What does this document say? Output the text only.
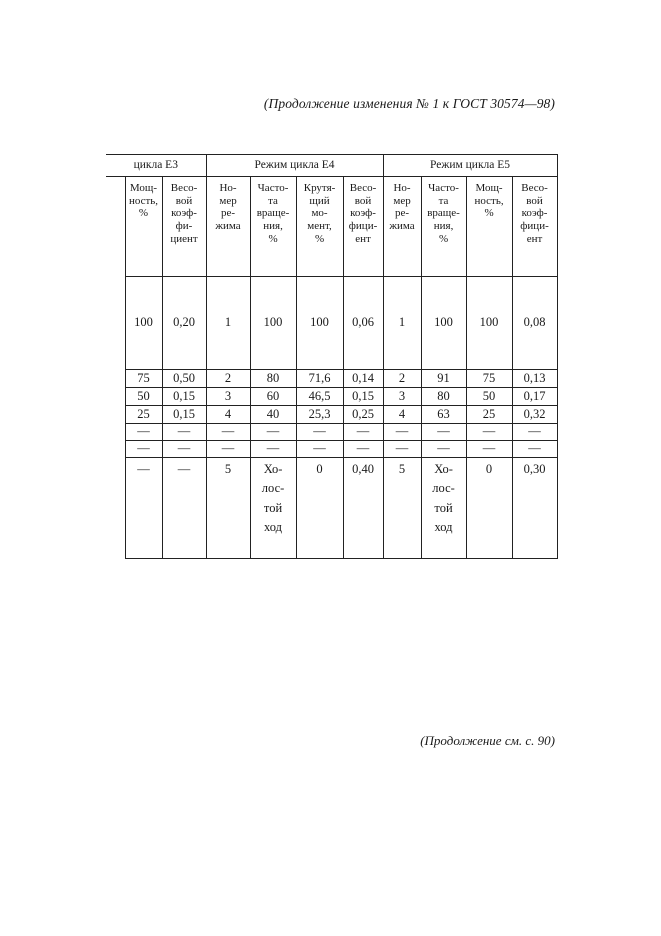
(Продолжение изменения № 1 к ГОСТ 30574—98)
цикла Е3			Режим цикла Е4				Режим цикла Е5			

	Мощ-
ность,
%	Весо-
вой
коэф-
фи-
циент	Но-
мер
ре-
жима	Часто-
та
враще-
ния,
%	Крутя-
щий
мо-
мент,
%	Весо-
вой
коэф-
фици-
ент	Но-
мер
ре-
жима	Часто-
та
враще-
ния,
%	Мощ-
ность,
%	Весо-
вой
коэф-
фици-
ент

	100	0,20	1	100	100	0,06	1	100	100	0,08
	75	0,50	2	80	71,6	0,14	2	91	75	0,13
	50	0,15	3	60	46,5	0,15	3	80	50	0,17
	25	0,15	4	40	25,3	0,25	4	63	25	0,32
	—	—	—	—	—	—	—	—	—	—
	—	—	—	—	—	—	—	—	—	—
	—	—	5	Хо-
лос-
той
ход	0	0,40	5	Хо-
лос-
той
ход	0	0,30
(Продолжение см. с. 90)
